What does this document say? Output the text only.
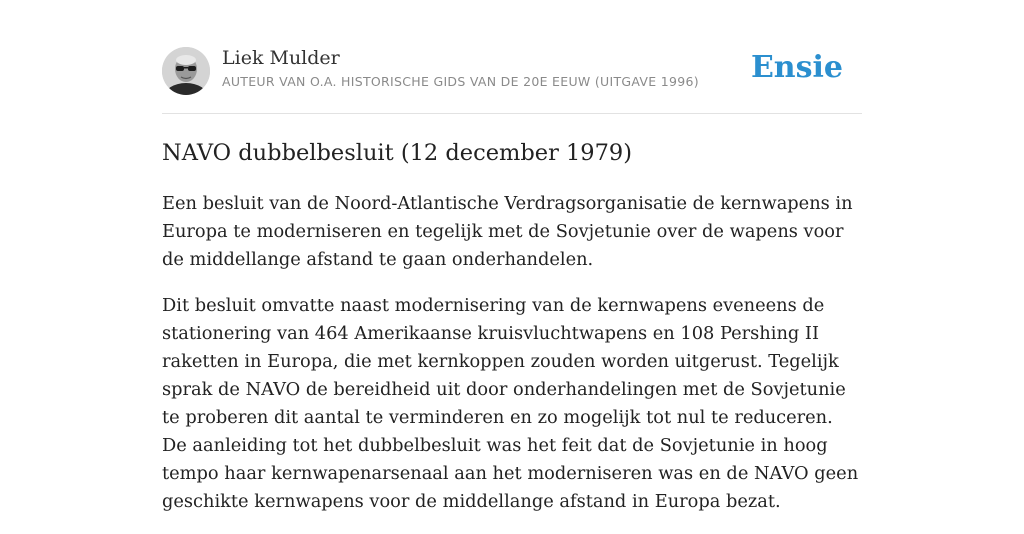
Liek Mulder
AUTEUR VAN O.A. HISTORISCHE GIDS VAN DE 20E EEUW (UITGAVE 1996) Ensie
NAVO dubbelbesluit (12 december 1979)

Een besluit van de Noord-Atlantische Verdragsorganisatie de kernwapens in Europa te moderniseren en tegelijk met de Sovjetunie over de wapens voor de middellange afstand te gaan onderhandelen.

Dit besluit omvatte naast modernisering van de kernwapens eveneens de stationering van 464 Amerikaanse kruisvluchtwapens en 108 Pershing II raketten in Europa, die met kernkoppen zouden worden uitgerust. Tegelijk sprak de NAVO de bereidheid uit door onderhandelingen met de Sovjetunie te proberen dit aantal te verminderen en zo mogelijk tot nul te reduceren. De aanleiding tot het dubbelbesluit was het feit dat de Sovjetunie in hoog tempo haar kernwapenarsenaal aan het moderniseren was en de NAVO geen geschikte kernwapens voor de middellange afstand in Europa bezat.
